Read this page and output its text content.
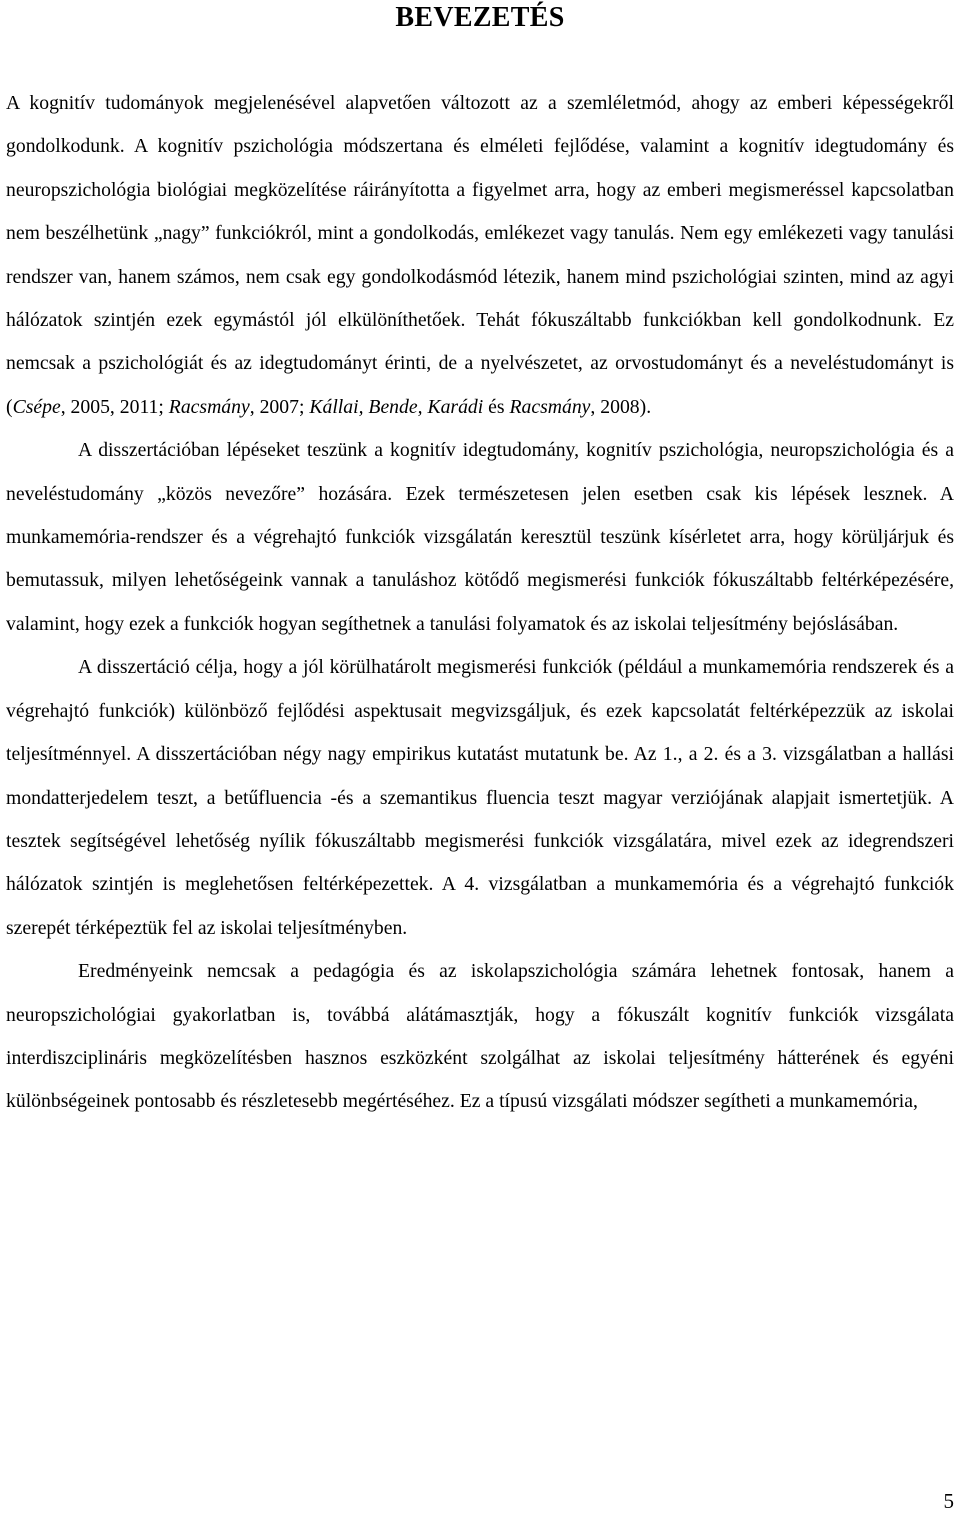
BEVEZETÉS

A kognitív tudományok megjelenésével alapvetően változott az a szemléletmód, ahogy az emberi képességekről gondolkodunk. A kognitív pszichológia módszertana és elméleti fejlődése, valamint a kognitív idegtudomány és neuropszichológia biológiai megközelítése ráirányította a figyelmet arra, hogy az emberi megismeréssel kapcsolatban nem beszélhetünk „nagy” funkciókról, mint a gondolkodás, emlékezet vagy tanulás. Nem egy emlékezeti vagy tanulási rendszer van, hanem számos, nem csak egy gondolkodásmód létezik, hanem mind pszichológiai szinten, mind az agyi hálózatok szintjén ezek egymástól jól elkülöníthetőek. Tehát fókuszáltabb funkciókban kell gondolkodnunk. Ez nemcsak a pszichológiát és az idegtudományt érinti, de a nyelvészetet, az orvostudományt és a neveléstudományt is (Csépe, 2005, 2011; Racsmány, 2007; Kállai, Bende, Karádi és Racsmány, 2008).

A disszertációban lépéseket teszünk a kognitív idegtudomány, kognitív pszichológia, neuropszichológia és a neveléstudomány „közös nevezőre” hozására. Ezek természetesen jelen esetben csak kis lépések lesznek. A munkamemória-rendszer és a végrehajtó funkciók vizsgálatán keresztül teszünk kísérletet arra, hogy körüljárjuk és bemutassuk, milyen lehetőségeink vannak a tanuláshoz kötődő megismerési funkciók fókuszáltabb feltérképezésére, valamint, hogy ezek a funkciók hogyan segíthetnek a tanulási folyamatok és az iskolai teljesítmény bejóslásában.

A disszertáció célja, hogy a jól körülhatárolt megismerési funkciók (például a munkamemória rendszerek és a végrehajtó funkciók) különböző fejlődési aspektusait megvizsgáljuk, és ezek kapcsolatát feltérképezzük az iskolai teljesítménnyel. A disszertációban négy nagy empirikus kutatást mutatunk be. Az 1., a 2. és a 3. vizsgálatban a hallási mondatterjedelem teszt, a betűfluencia -és a szemantikus fluencia teszt magyar verziójának alapjait ismertetjük. A tesztek segítségével lehetőség nyílik fókuszáltabb megismerési funkciók vizsgálatára, mivel ezek az idegrendszeri hálózatok szintjén is meglehetősen feltérképezettek. A 4. vizsgálatban a munkamemória és a végrehajtó funkciók szerepét térképeztük fel az iskolai teljesítményben.

Eredményeink nemcsak a pedagógia és az iskolapszichológia számára lehetnek fontosak, hanem a neuropszichológiai gyakorlatban is, továbbá alátámasztják, hogy a fókuszált kognitív funkciók vizsgálata interdiszciplináris megközelítésben hasznos eszközként szolgálhat az iskolai teljesítmény hátterének és egyéni különbségeinek pontosabb és részletesebb megértéséhez. Ez a típusú vizsgálati módszer segítheti a munkamemória,

5
